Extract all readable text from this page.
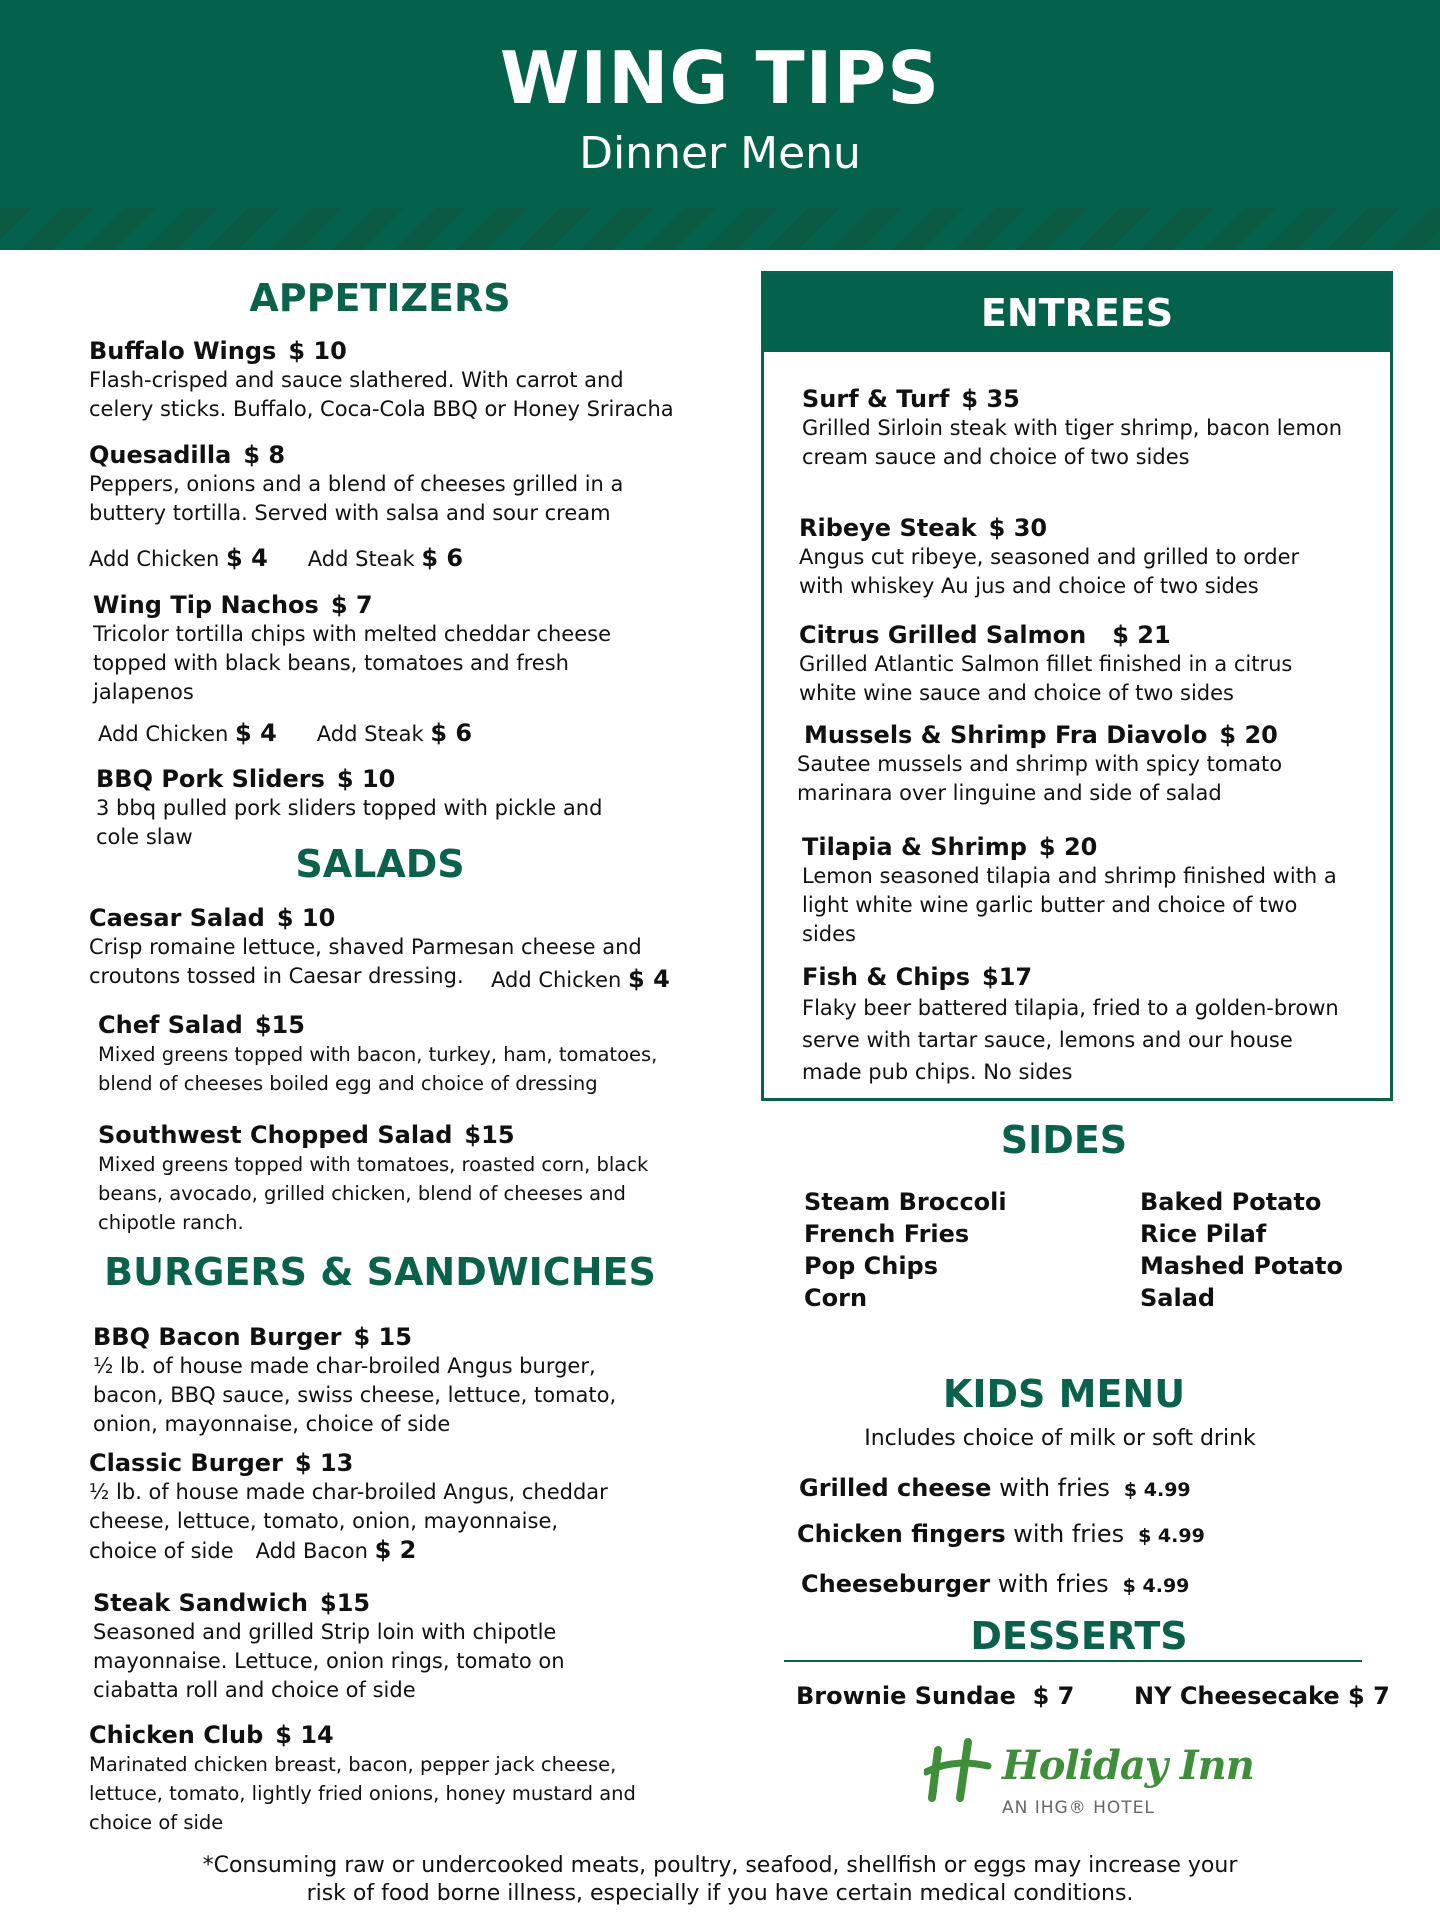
WING TIPS
Dinner Menu
APPETIZERS
Buffalo Wings $ 10
Flash-crisped and sauce slathered. With carrot and
celery sticks. Buffalo, Coca-Cola BBQ or Honey Sriracha
Quesadilla $ 8
Peppers, onions and a blend of cheeses grilled in a
buttery tortilla. Served with salsa and sour cream
Add Chicken $ 4 Add Steak $ 6
Wing Tip Nachos $ 7
Tricolor tortilla chips with melted cheddar cheese
topped with black beans, tomatoes and fresh
jalapenos
Add Chicken $ 4 Add Steak $ 6
BBQ Pork Sliders $ 10
3 bbq pulled pork sliders topped with pickle and
cole slaw
SALADS
Caesar Salad $ 10
Crisp romaine lettuce, shaved Parmesan cheese and
croutons tossed in Caesar dressing.	Add Chicken $ 4
Chef Salad $15
Mixed greens topped with bacon, turkey, ham, tomatoes,
blend of cheeses boiled egg and choice of dressing
Southwest Chopped Salad $15
Mixed greens topped with tomatoes, roasted corn, black
beans, avocado, grilled chicken, blend of cheeses and
chipotle ranch.
BURGERS & SANDWICHES
BBQ Bacon Burger $ 15
½ lb. of house made char-broiled Angus burger,
bacon, BBQ sauce, swiss cheese, lettuce, tomato,
onion, mayonnaise, choice of side
Classic Burger $ 13
½ lb. of house made char-broiled Angus, cheddar
cheese, lettuce, tomato, onion, mayonnaise,
choice of side Add Bacon $ 2
Steak Sandwich $15
Seasoned and grilled Strip loin with chipotle
mayonnaise. Lettuce, onion rings, tomato on
ciabatta roll and choice of side
Chicken Club $ 14
Marinated chicken breast, bacon, pepper jack cheese,
lettuce, tomato, lightly fried onions, honey mustard and
choice of side
ENTREES
Surf & Turf $ 35
Grilled Sirloin steak with tiger shrimp, bacon lemon
cream sauce and choice of two sides
Ribeye Steak $ 30
Angus cut ribeye, seasoned and grilled to order
with whiskey Au jus and choice of two sides
Citrus Grilled Salmon $ 21
Grilled Atlantic Salmon fillet finished in a citrus
white wine sauce and choice of two sides
Mussels & Shrimp Fra Diavolo $ 20
Sautee mussels and shrimp with spicy tomato
marinara over linguine and side of salad
Tilapia & Shrimp $ 20
Lemon seasoned tilapia and shrimp finished with a
light white wine garlic butter and choice of two
sides
Fish & Chips $17
Flaky beer battered tilapia, fried to a golden-brown
serve with tartar sauce, lemons and our house
made pub chips. No sides
SIDES
Steam Broccoli
French Fries
Pop Chips
Corn
Baked Potato
Rice Pilaf
Mashed Potato
Salad
KIDS MENU
Includes choice of milk or soft drink
Grilled cheese with fries $ 4.99
Chicken fingers with fries $ 4.99
Cheeseburger with fries $ 4.99
DESSERTS
Brownie Sundae $ 7 NY Cheesecake $ 7
Holiday Inn
AN IHG® HOTEL
*Consuming raw or undercooked meats, poultry, seafood, shellfish or eggs may increase your
risk of food borne illness, especially if you have certain medical conditions.
